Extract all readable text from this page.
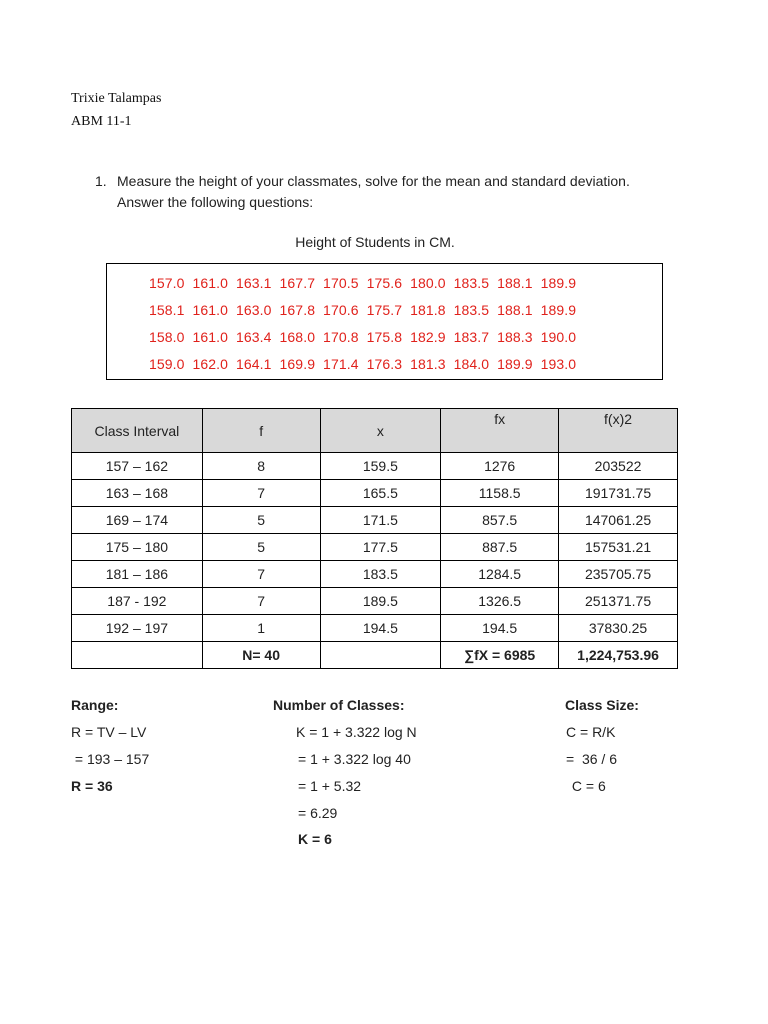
Trixie Talampas
ABM 11-1
1. Measure the height of your classmates, solve for the mean and standard deviation.
Answer the following questions:
Height of Students in CM.
157.0  161.0  163.1  167.7  170.5  175.6  180.0  183.5  188.1  189.9
158.1  161.0  163.0  167.8  170.6  175.7  181.8  183.5  188.1  189.9
158.0  161.0  163.4  168.0  170.8  175.8  182.9  183.7  188.3  190.0
159.0  162.0  164.1  169.9  171.4  176.3  181.3  184.0  189.9  193.0
Class Interval	f	x	fx	f(x)2
157 – 162	8	159.5	1276	203522
163 – 168	7	165.5	1158.5	191731.75
169 – 174	5	171.5	857.5	147061.25
175 – 180	5	177.5	887.5	157531.21
181 – 186	7	183.5	1284.5	235705.75
187 - 192	7	189.5	1326.5	251371.75
192 – 197	1	194.5	194.5	37830.25
	N= 40		∑fX = 6985	1,224,753.96
Range:
R = TV – LV
= 193 – 157
R = 36
Number of Classes:
K = 1 + 3.322 log N
= 1 + 3.322 log 40
= 1 + 5.32
= 6.29
K = 6
Class Size:
C = R/K
=  36 / 6
C = 6
